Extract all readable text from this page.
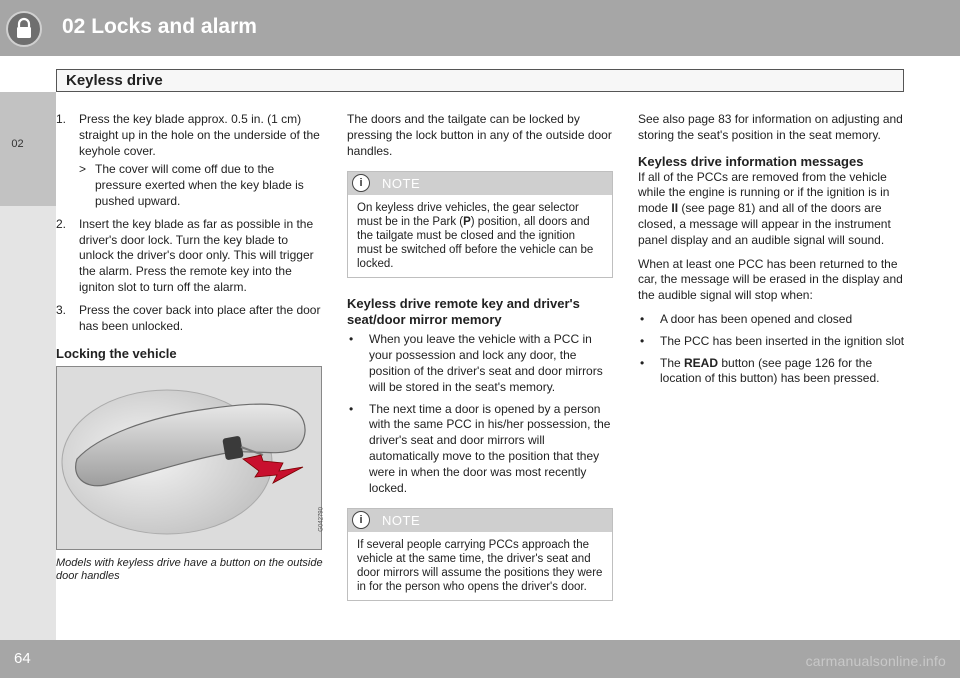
02 Locks and alarm
Keyless drive
02
1. Press the key blade approx. 0.5 in. (1 cm) straight up in the hole on the underside of the keyhole cover.
> The cover will come off due to the pressure exerted when the key blade is pushed upward.
2. Insert the key blade as far as possible in the driver's door lock. Turn the key blade to unlock the driver's door only. This will trigger the alarm. Press the remote key into the igniton slot to turn off the alarm.
3. Press the cover back into place after the door has been unlocked.
Locking the vehicle
G042790
Models with keyless drive have a button on the outside door handles

The doors and the tailgate can be locked by pressing the lock button in any of the outside door handles.

i	NOTE
On keyless drive vehicles, the gear selector must be in the Park (P) position, all doors and the tailgate must be closed and the ignition must be switched off before the vehicle can be locked.
Keyless drive remote key and driver's seat/door mirror memory
• When you leave the vehicle with a PCC in your possession and lock any door, the position of the driver's seat and door mirrors will be stored in the seat's memory.
• The next time a door is opened by a person with the same PCC in his/her possession, the driver's seat and door mirrors will automatically move to the position that they were in when the door was most recently locked.
i	NOTE
If several people carrying PCCs approach the vehicle at the same time, the driver's seat and door mirrors will assume the positions they were in for the person who opens the driver's door.

See also page 83 for information on adjusting and storing the seat's position in the seat memory.

Keyless drive information messages

If all of the PCCs are removed from the vehicle while the engine is running or if the ignition is in mode II (see page 81) and all of the doors are closed, a message will appear in the instrument panel display and an audible signal will sound.

When at least one PCC has been returned to the car, the message will be erased in the display and the audible signal will stop when:

• A door has been opened and closed
• The PCC has been inserted in the ignition slot
• The READ button (see page 126 for the location of this button) has been pressed.
64	carmanualsonline.info
